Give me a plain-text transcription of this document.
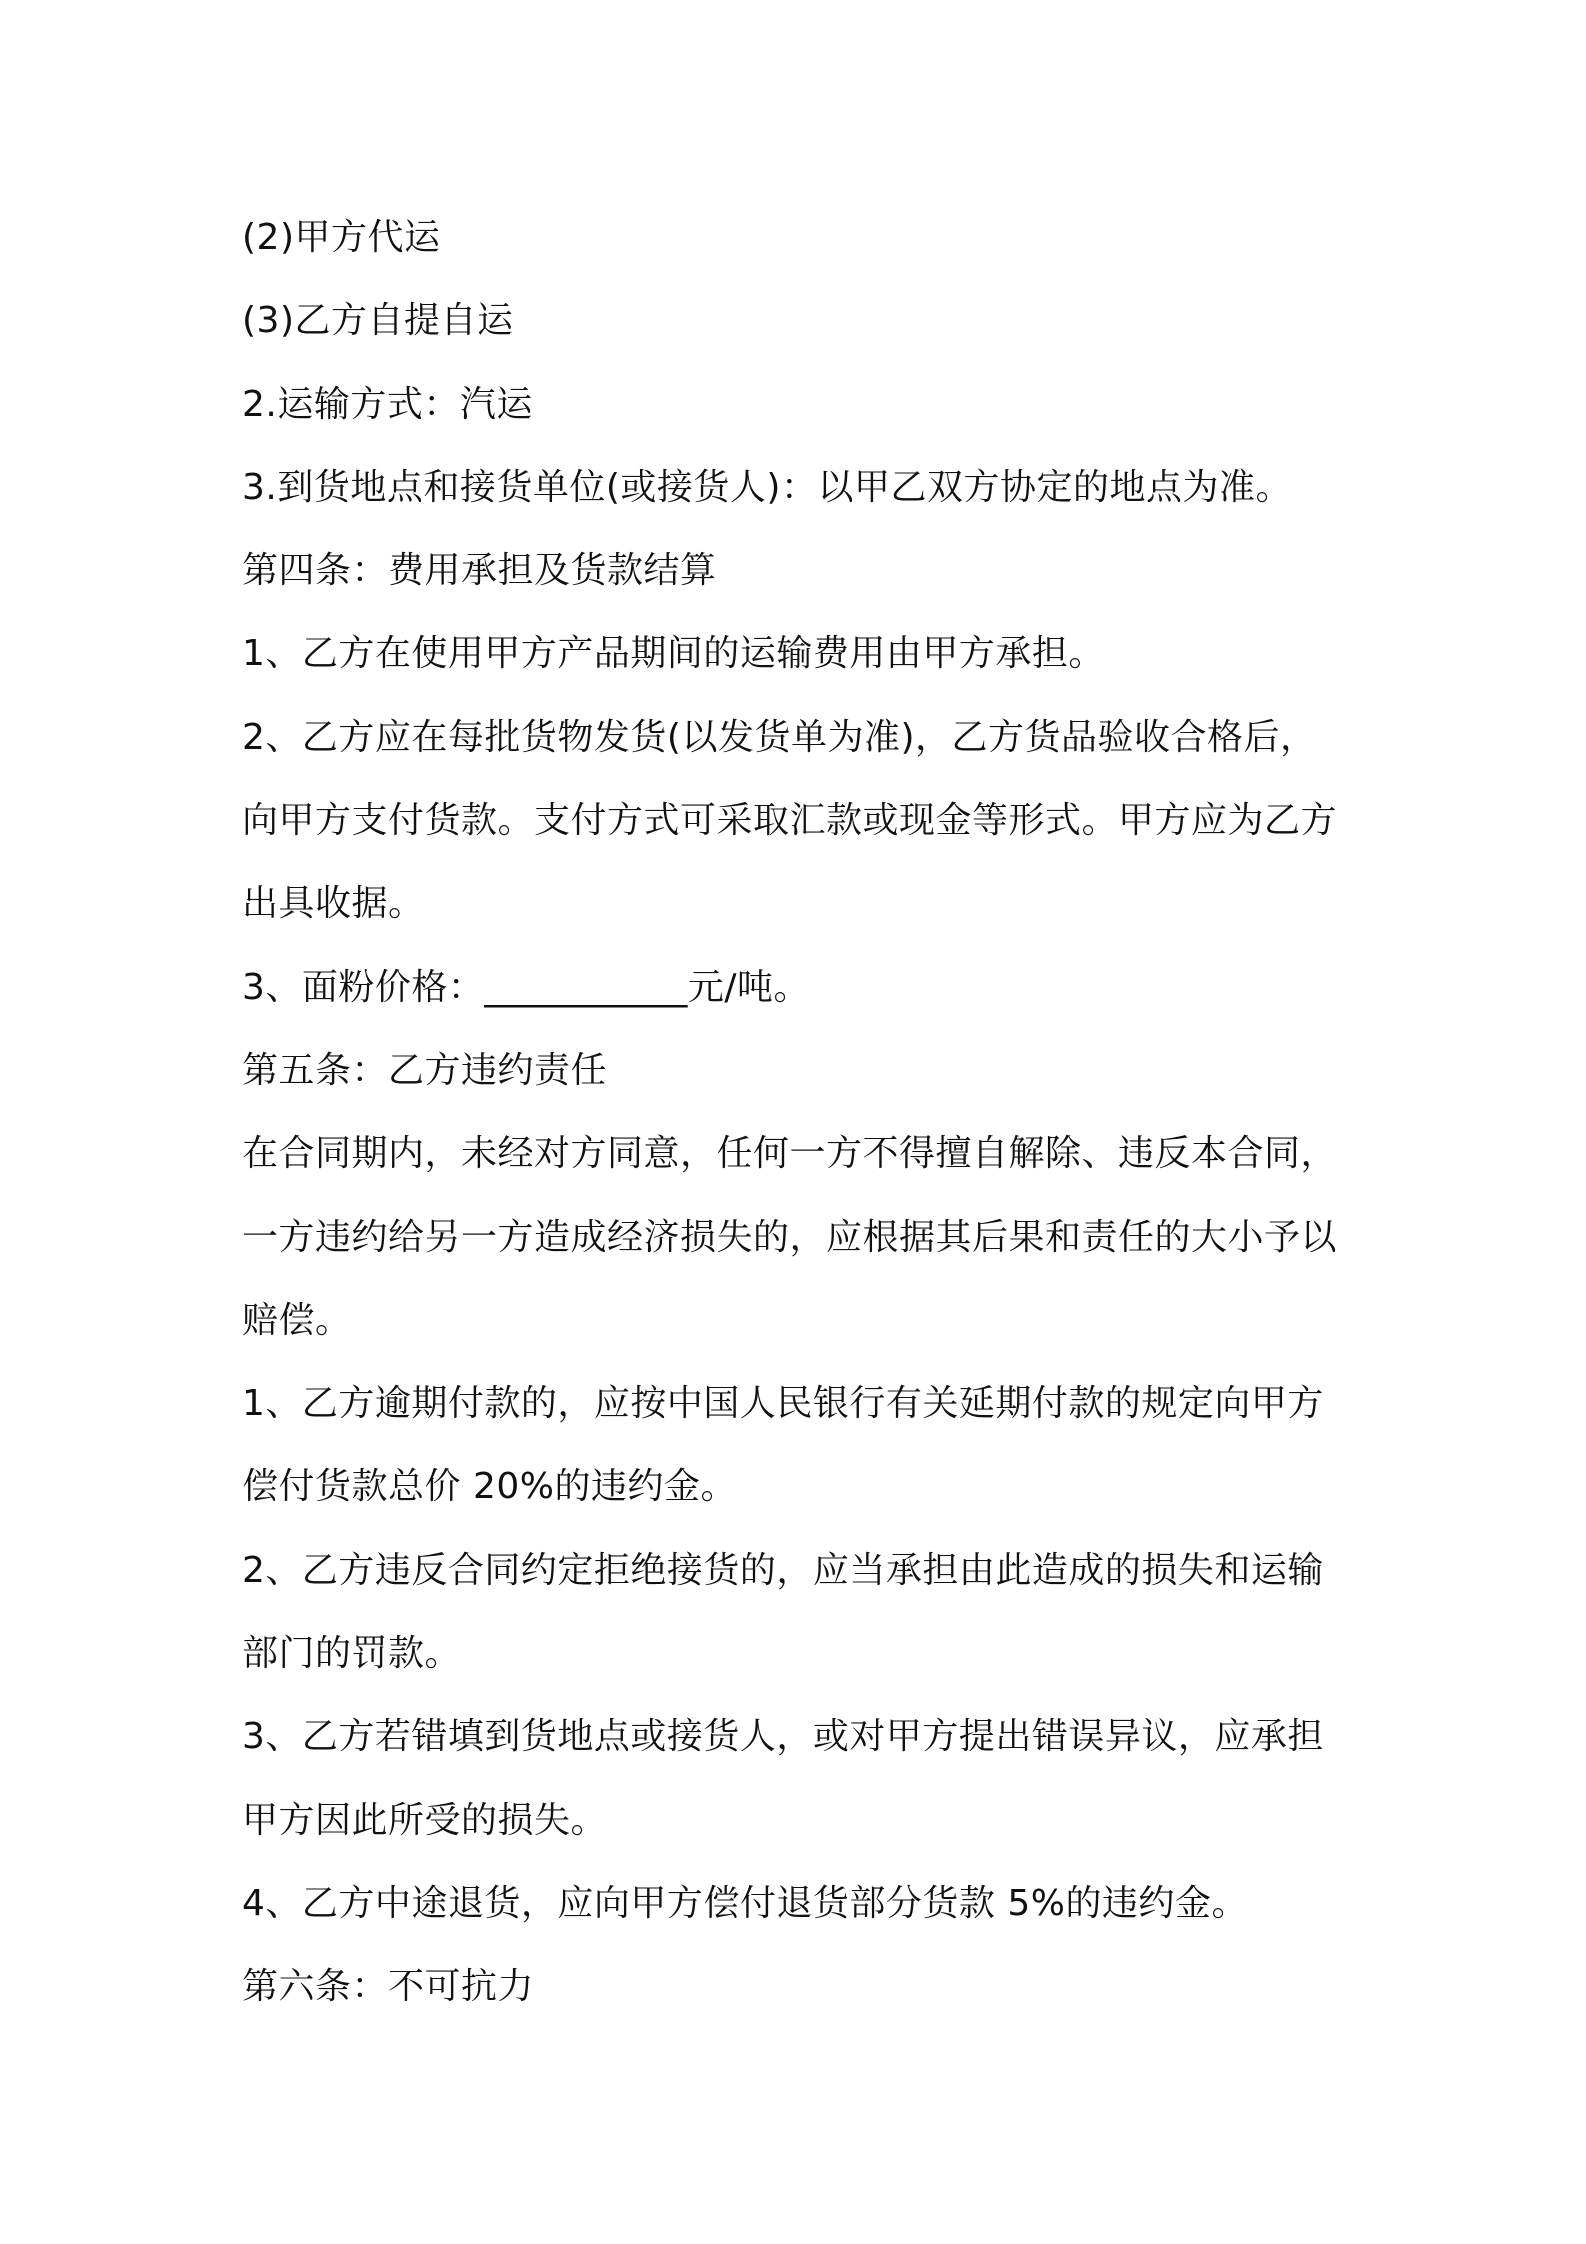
(2)甲方代运
(3)乙方自提自运
2.运输方式：汽运
3.到货地点和接货单位(或接货人)：以甲乙双方协定的地点为准。
第四条：费用承担及货款结算
1、乙方在使用甲方产品期间的运输费用由甲方承担。
2、乙方应在每批货物发货(以发货单为准)，乙方货品验收合格后，
向甲方支付货款。支付方式可采取汇款或现金等形式。甲方应为乙方
出具收据。
3、面粉价格：___________元/吨。
第五条：乙方违约责任
在合同期内，未经对方同意，任何一方不得擅自解除、违反本合同，
一方违约给另一方造成经济损失的，应根据其后果和责任的大小予以
赔偿。
1、乙方逾期付款的，应按中国人民银行有关延期付款的规定向甲方
偿付货款总价 20%的违约金。
2、乙方违反合同约定拒绝接货的，应当承担由此造成的损失和运输
部门的罚款。
3、乙方若错填到货地点或接货人，或对甲方提出错误异议，应承担
甲方因此所受的损失。
4、乙方中途退货，应向甲方偿付退货部分货款 5%的违约金。
第六条：不可抗力
